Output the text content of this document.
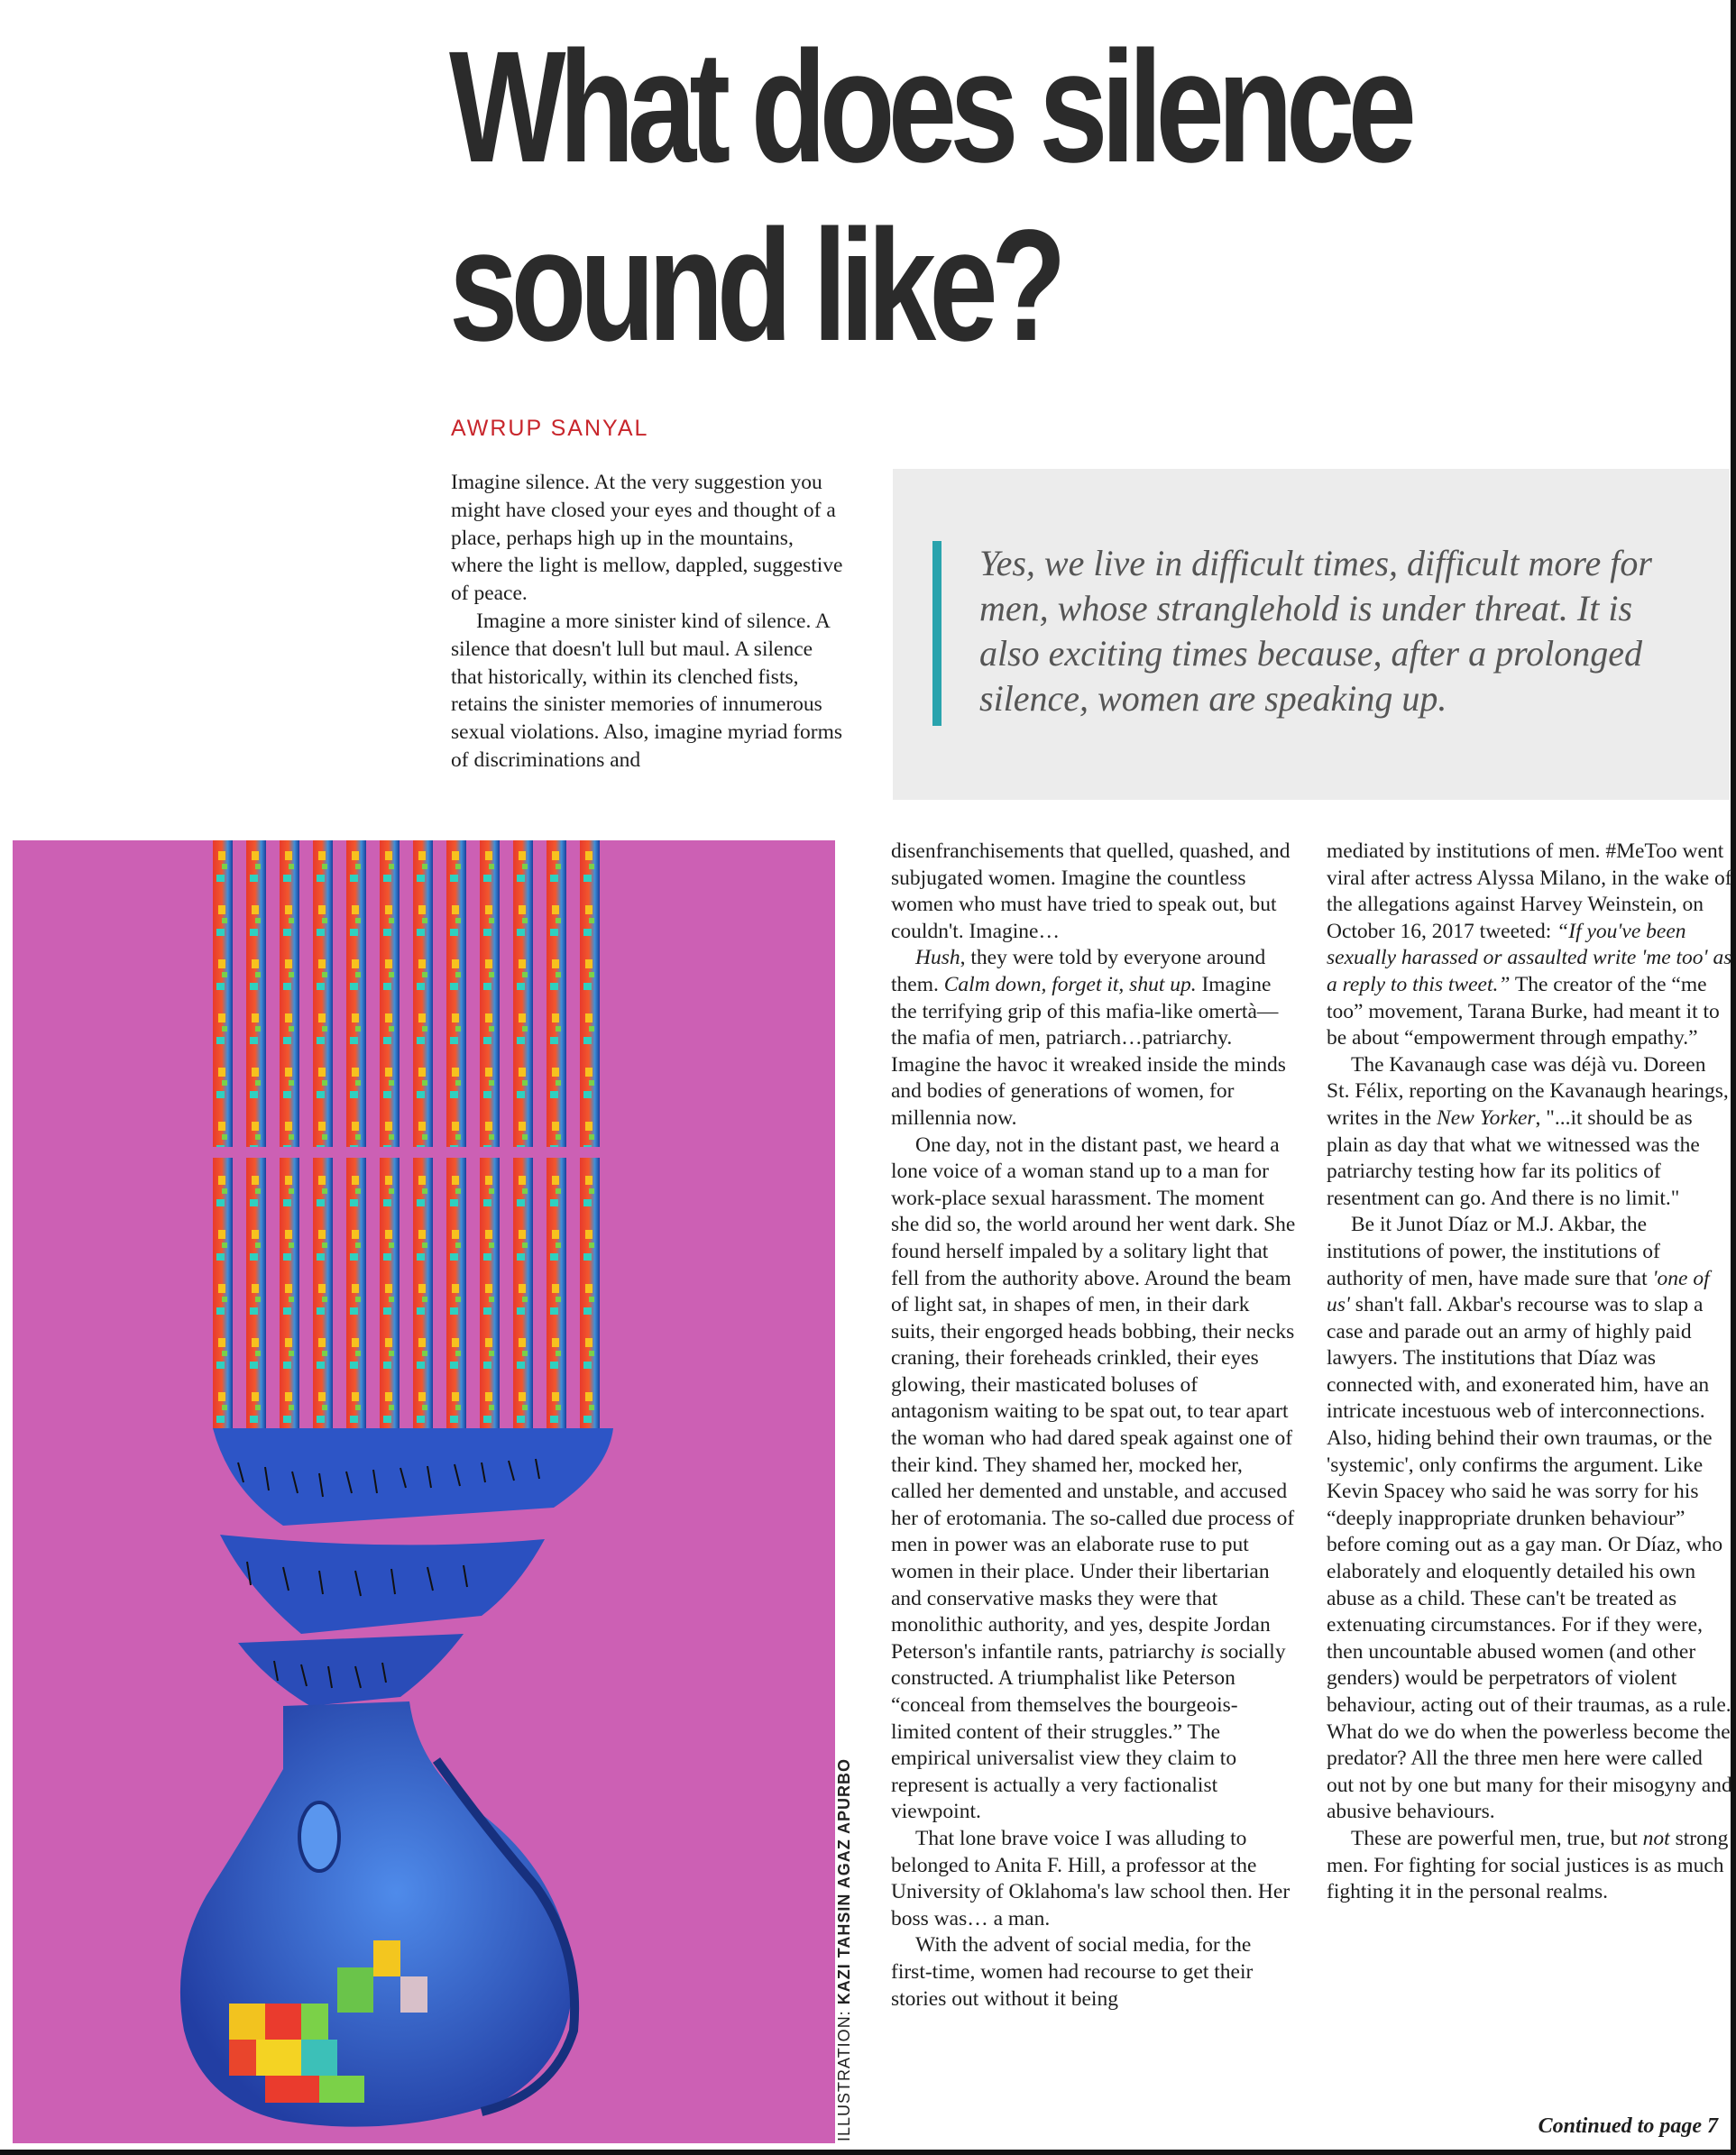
What does silence
sound like?
AWRUP SANYAL

Imagine silence. At the very suggestion you might have closed your eyes and thought of a place, perhaps high up in the mountains, where the light is mellow, dappled, suggestive of peace.

Imagine a more sinister kind of silence. A silence that doesn't lull but maul. A silence that historically, within its clenched fists, retains the sinister memories of innumerous sexual violations. Also, imagine myriad forms of discriminations and

Yes, we live in difficult times, difficult more for men, whose stranglehold is under threat. It is also exciting times because, after a prolonged silence, women are speaking up.

ILLUSTRATION: KAZI TAHSIN AGAZ APURBO

disenfranchisements that quelled, quashed, and subjugated women. Imagine the countless women who must have tried to speak out, but couldn't. Imagine…

Hush, they were told by everyone around them. Calm down, forget it, shut up. Imagine the terrifying grip of this mafia-like omertà—the mafia of men, patriarch…patriarchy. Imagine the havoc it wreaked inside the minds and bodies of generations of women, for millennia now.

One day, not in the distant past, we heard a lone voice of a woman stand up to a man for work-place sexual harassment. The moment she did so, the world around her went dark. She found herself impaled by a solitary light that fell from the authority above. Around the beam of light sat, in shapes of men, in their dark suits, their engorged heads bobbing, their necks craning, their foreheads crinkled, their eyes glowing, their masticated boluses of antagonism waiting to be spat out, to tear apart the woman who had dared speak against one of their kind. They shamed her, mocked her, called her demented and unstable, and accused her of erotomania. The so-called due process of men in power was an elaborate ruse to put women in their place. Under their libertarian and conservative masks they were that monolithic authority, and yes, despite Jordan Peterson's infantile rants, patriarchy is socially constructed. A triumphalist like Peterson “conceal from themselves the bourgeois-limited content of their struggles.” The empirical universalist view they claim to represent is actually a very factionalist viewpoint.

That lone brave voice I was alluding to belonged to Anita F. Hill, a professor at the University of Oklahoma's law school then. Her boss was… a man.

With the advent of social media, for the first-time, women had recourse to get their stories out without it being

mediated by institutions of men. #MeToo went viral after actress Alyssa Milano, in the wake of the allegations against Harvey Weinstein, on October 16, 2017 tweeted: “If you've been sexually harassed or assaulted write 'me too' as a reply to this tweet.” The creator of the “me too” movement, Tarana Burke, had meant it to be about “empowerment through empathy.”

The Kavanaugh case was déjà vu. Doreen St. Félix, reporting on the Kavanaugh hearings, writes in the New Yorker, "...it should be as plain as day that what we witnessed was the patriarchy testing how far its politics of resentment can go. And there is no limit."

Be it Junot Díaz or M.J. Akbar, the institutions of power, the institutions of authority of men, have made sure that 'one of us' shan't fall. Akbar's recourse was to slap a case and parade out an army of highly paid lawyers. The institutions that Díaz was connected with, and exonerated him, have an intricate incestuous web of interconnections. Also, hiding behind their own traumas, or the 'systemic', only confirms the argument. Like Kevin Spacey who said he was sorry for his “deeply inappropriate drunken behaviour” before coming out as a gay man. Or Díaz, who elaborately and eloquently detailed his own abuse as a child. These can't be treated as extenuating circumstances. For if they were, then uncountable abused women (and other genders) would be perpetrators of violent behaviour, acting out of their traumas, as a rule. What do we do when the powerless become the predator? All the three men here were called out not by one but many for their misogyny and abusive behaviours.

These are powerful men, true, but not strong men. For fighting for social justices is as much fighting it in the personal realms.

Continued to page 7
